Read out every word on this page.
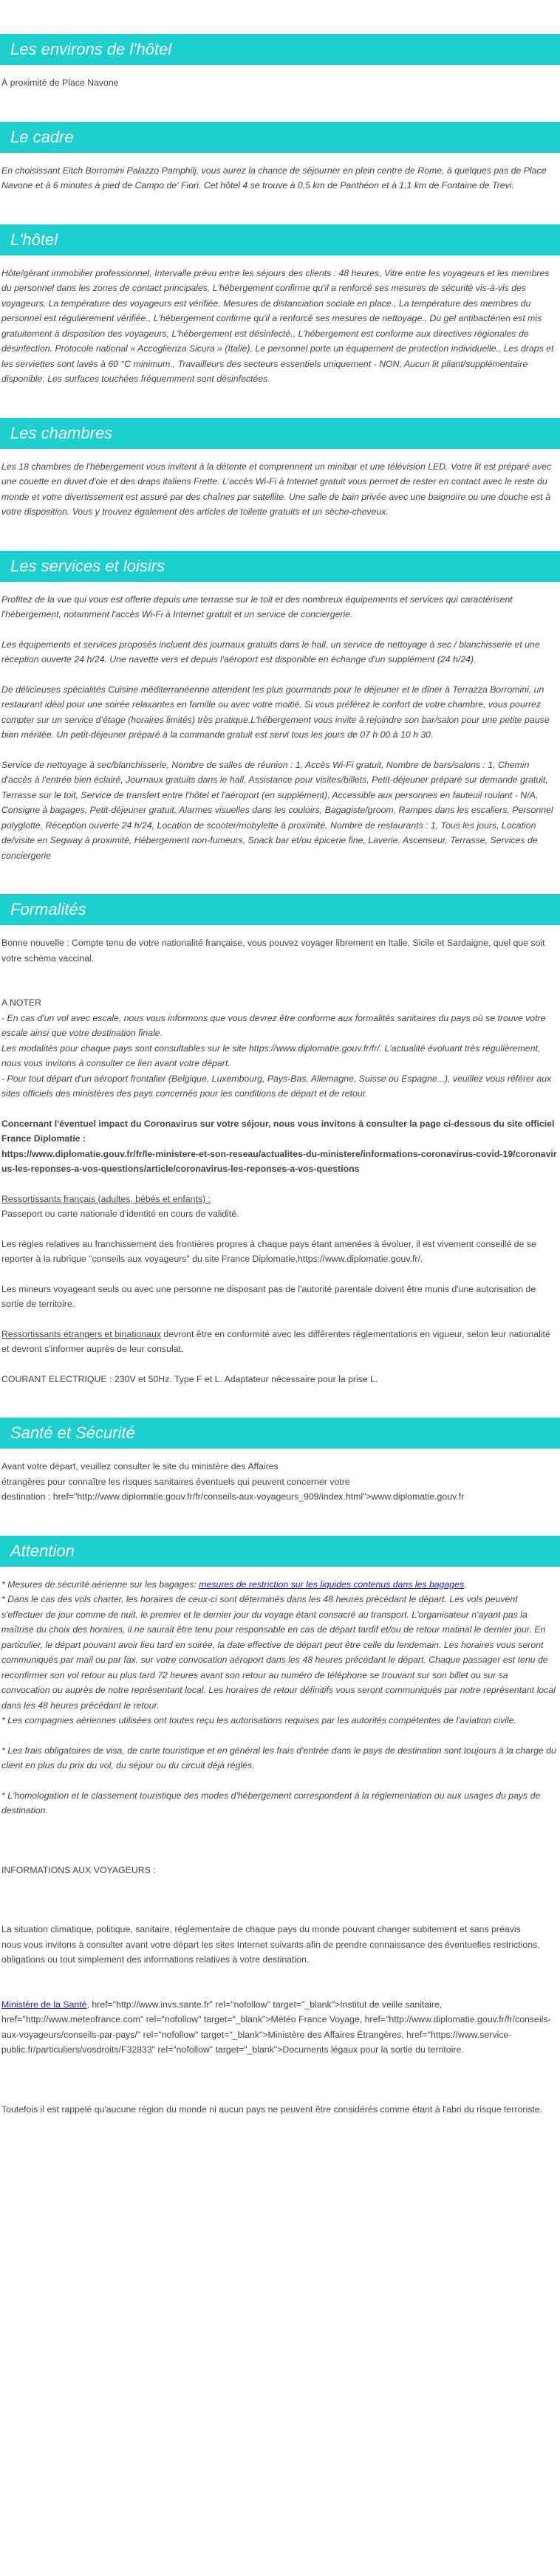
Les environs de l'hôtel

À proximité de Place Navone

Le cadre

En choisissant Eitch Borromini Palazzo Pamphilj, vous aurez la chance de séjourner en plein centre de Rome, à quelques pas de Place Navone et à 6 minutes à pied de Campo de' Fiori. Cet hôtel 4 se trouve à 0,5 km de Panthéon et à 1,1 km de Fontaine de Trevi.

L'hôtel

Hôte/gérant immobilier professionnel, Intervalle prévu entre les séjours des clients : 48 heures, Vitre entre les voyageurs et les membres du personnel dans les zones de contact principales, L'hébergement confirme qu'il a renforcé ses mesures de sécurité vis-à-vis des voyageurs, La température des voyageurs est vérifiée, Mesures de distanciation sociale en place., La température des membres du personnel est régulièrement vérifiée., L'hébergement confirme qu'il a renforcé ses mesures de nettoyage., Du gel antibactérien est mis gratuitement à disposition des voyageurs, L'hébergement est désinfecté., L'hébergement est conforme aux directives régionales de désinfection. Protocole national « Accoglienza Sicura » (Italie), Le personnel porte un équipement de protection individuelle., Les draps et les serviettes sont lavés à 60 °C minimum., Travailleurs des secteurs essentiels uniquement - NON, Aucun lit pliant/supplémentaire disponible, Les surfaces touchées fréquemment sont désinfectées.

Les chambres

Les 18 chambres de l'hébergement vous invitent à la détente et comprennent un minibar et une télévision LED. Votre lit est préparé avec une couette en duvet d'oie et des draps italiens Frette. L'accès Wi-Fi à Internet gratuit vous permet de rester en contact avec le reste du monde et votre divertissement est assuré par des chaînes par satellite. Une salle de bain privée avec une baignoire ou une douche est à votre disposition. Vous y trouvez également des articles de toilette gratuits et un sèche-cheveux.

Les services et loisirs

Profitez de la vue qui vous est offerte depuis une terrasse sur le toit et des nombreux équipements et services qui caractérisent l'hébergement, notamment l'accès Wi-Fi à Internet gratuit et un service de conciergerie.

Les équipements et services proposés incluent des journaux gratuits dans le hall, un service de nettoyage à sec / blanchisserie et une réception ouverte 24 h/24. Une navette vers et depuis l'aéroport est disponible en échange d'un supplément (24 h/24).

De délicieuses spécialités Cuisine méditerranéenne attendent les plus gourmands pour le déjeuner et le dîner à Terrazza Borromini, un restaurant idéal pour une soirée relaxantes en famille ou avec votre moitié. Si vous préférez le confort de votre chambre, vous pourrez compter sur un service d'étage (horaires limités) très pratique.L'hébergement vous invite à rejoindre son bar/salon pour une petite pause bien méritée. Un petit-déjeuner préparé à la commande gratuit est servi tous les jours de 07 h 00 à 10 h 30.

Service de nettoyage à sec/blanchisserie, Nombre de salles de réunion : 1, Accès Wi-Fi gratuit, Nombre de bars/salons : 1, Chemin d'accès à l'entrée bien éclairé, Journaux gratuits dans le hall, Assistance pour visites/billets, Petit-déjeuner préparé sur demande gratuit, Terrasse sur le toit, Service de transfert entre l'hôtel et l'aéroport (en supplément), Accessible aux personnes en fauteuil roulant - N/A, Consigne à bagages, Petit-déjeuner gratuit, Alarmes visuelles dans les couloirs, Bagagiste/groom, Rampes dans les escaliers, Personnel polyglotte, Réception ouverte 24 h/24, Location de scooter/mobylette à proximité, Nombre de restaurants : 1, Tous les jours, Location de/visite en Segway à proximité, Hébergement non-fumeurs, Snack bar et/ou épicerie fine, Laverie, Ascenseur, Terrasse, Services de conciergerie

Formalités

Bonne nouvelle : Compte tenu de votre nationalité française, vous pouvez voyager librement en Italie, Sicile et Sardaigne, quel que soit votre schéma vaccinal.

A NOTER

- En cas d'un vol avec escale, nous vous informons que vous devrez être conforme aux formalités sanitaires du pays où se trouve votre escale ainsi que votre destination finale.

Les modalités pour chaque pays sont consultables sur le site https://www.diplomatie.gouv.fr/fr/. L'actualité évoluant très régulièrement, nous vous invitons à consulter ce lien avant votre départ.

- Pour tout départ d'un aéroport frontalier (Belgique, Luxembourg, Pays-Bas, Allemagne, Suisse ou Espagne...), veuillez vous référer aux sites officiels des ministères des pays concernés pour les conditions de départ et de retour.

Concernant l'éventuel impact du Coronavirus sur votre séjour, nous vous invitons à consulter la page ci-dessous du site officiel France Diplomatie :

https://www.diplomatie.gouv.fr/fr/le-ministere-et-son-reseau/actualites-du-ministere/informations-coronavirus-covid-19/coronavirus-les-reponses-a-vos-questions/article/coronavirus-les-reponses-a-vos-questions

Ressortissants français (adultes, bébés et enfants) :

Passeport ou carte nationale d'identité en cours de validité.

Les règles relatives au franchissement des frontières propres à chaque pays étant amenées à évoluer, il est vivement conseillé de se reporter à la rubrique "conseils aux voyageurs" du site France Diplomatie,https://www.diplomatie.gouv.fr/.

Les mineurs voyageant seuls ou avec une personne ne disposant pas de l'autorité parentale doivent être munis d'une autorisation de sortie de territoire.

Ressortissants étrangers et binationaux devront être en conformité avec les différentes réglementations en vigueur, selon leur nationalité et devront s'informer auprès de leur consulat.

COURANT ELECTRIQUE : 230V et 50Hz. Type F et L. Adaptateur nécessaire pour la prise L.

Santé et Sécurité

Avant votre départ, veuillez consulter le site du ministère des Affaires

étrangères pour connaître les risques sanitaires éventuels qui peuvent concerner votre

destination : href="http://www.diplomatie.gouv.fr/fr/conseils-aux-voyageurs_909/index.html">www.diplomatie.gouv.fr

Attention

* Mesures de sécurité aérienne sur les bagages: mesures de restriction sur les liquides contenus dans les bagages.
* Dans le cas des vols charter, les horaires de ceux-ci sont déterminés dans les 48 heures précédant le départ. Les vols peuvent s'effectuer de jour comme de nuit, le premier et le dernier jour du voyage étant consacré au transport. L'organisateur n'ayant pas la maîtrise du choix des horaires, il ne saurait être tenu pour responsable en cas de départ tardif et/ou de retour matinal le dernier jour. En particulier, le départ pouvant avoir lieu tard en soirée, la date effective de départ peut être celle du lendemain. Les horaires vous seront communiqués par mail ou par fax, sur votre convocation aéroport dans les 48 heures précédant le départ. Chaque passager est tenu de reconfirmer son vol retour au plus tard 72 heures avant son retour au numéro de téléphone se trouvant sur son billet ou sur sa convocation ou auprès de notre représentant local. Les horaires de retour définitifs vous seront communiqués par notre représentant local dans les 48 heures précédant le retour.
* Les compagnies aériennes utilisées ont toutes reçu les autorisations requises par les autorités compétentes de l'aviation civile.

* Les frais obligatoires de visa, de carte touristique et en général les frais d'entrée dans le pays de destination sont toujours à la charge du client en plus du prix du vol, du séjour ou du circuit déjà réglés.

* L'homologation et le classement touristique des modes d'hébergement correspondent à la réglementation ou aux usages du pays de destination.

INFORMATIONS AUX VOYAGEURS :

La situation climatique, politique, sanitaire, réglementaire de chaque pays du monde pouvant changer subitement et sans préavis
nous vous invitons à consulter avant votre départ les sites Internet suivants afin de prendre connaissance des éventuelles restrictions, obligations ou tout simplement des informations relatives à votre destination.

Ministère de la Santé, href="http://www.invs.sante.fr" rel="nofollow" target="_blank">Institut de veille sanitaire, href="http://www.meteofrance.com" rel="nofollow" target="_blank">Météo France Voyage, href="http://www.diplomatie.gouv.fr/fr/conseils-aux-voyageurs/conseils-par-pays/" rel="nofollow" target="_blank">Ministère des Affaires Étrangères, href="https://www.service-public.fr/particuliers/vosdroits/F32833" rel="nofollow" target="_blank">Documents légaux pour la sortie du territoire.

Toutefois il est rappelé qu'aucune région du monde ni aucun pays ne peuvent être considérés comme étant à l'abri du risque terroriste.
